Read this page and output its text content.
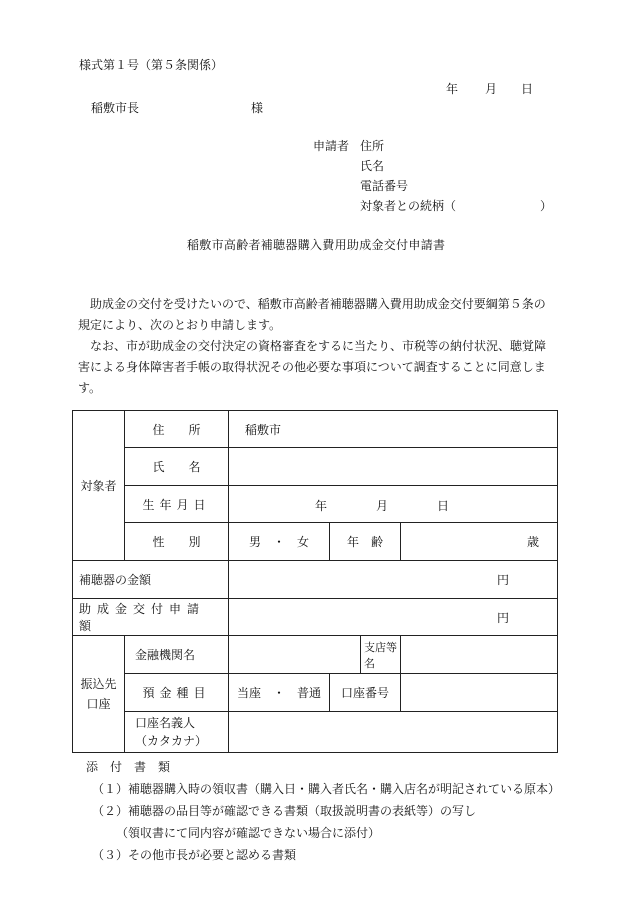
様式第１号（第５条関係）
年 月 日
稲敷市長	様
申請者 住所
氏名
電話番号
対象者との続柄（　　　　　　　）
稲敷市高齢者補聴器購入費用助成金交付申請書

助成金の交付を受けたいので、稲敷市高齢者補聴器購入費用助成金交付要綱第５条の規定により、次のとおり申請します。

なお、市が助成金の交付決定の資格審査をするに当たり、市税等の納付状況、聴覚障害による身体障害者手帳の取得状況その他必要な事項について調査することに同意します。

対象者	住　　所	稲敷市			
	氏　　名				
	生年月日	年 月 日			

	性　　別	男　・　女	年　齢		歳
補聴器の金額		円			
助成金交付申請額		円			

振込先
口座	金融機関名			支店等名	
	預金種目	当座　・　普通	口座番号		

	口座名義人
（カタカナ）				

添　付　書　類
（１）補聴器購入時の領収書（購入日・購入者氏名・購入店名が明記されている原本）
（２）補聴器の品目等が確認できる書類（取扱説明書の表紙等）の写し
（領収書にて同内容が確認できない場合に添付）
（３）その他市長が必要と認める書類
